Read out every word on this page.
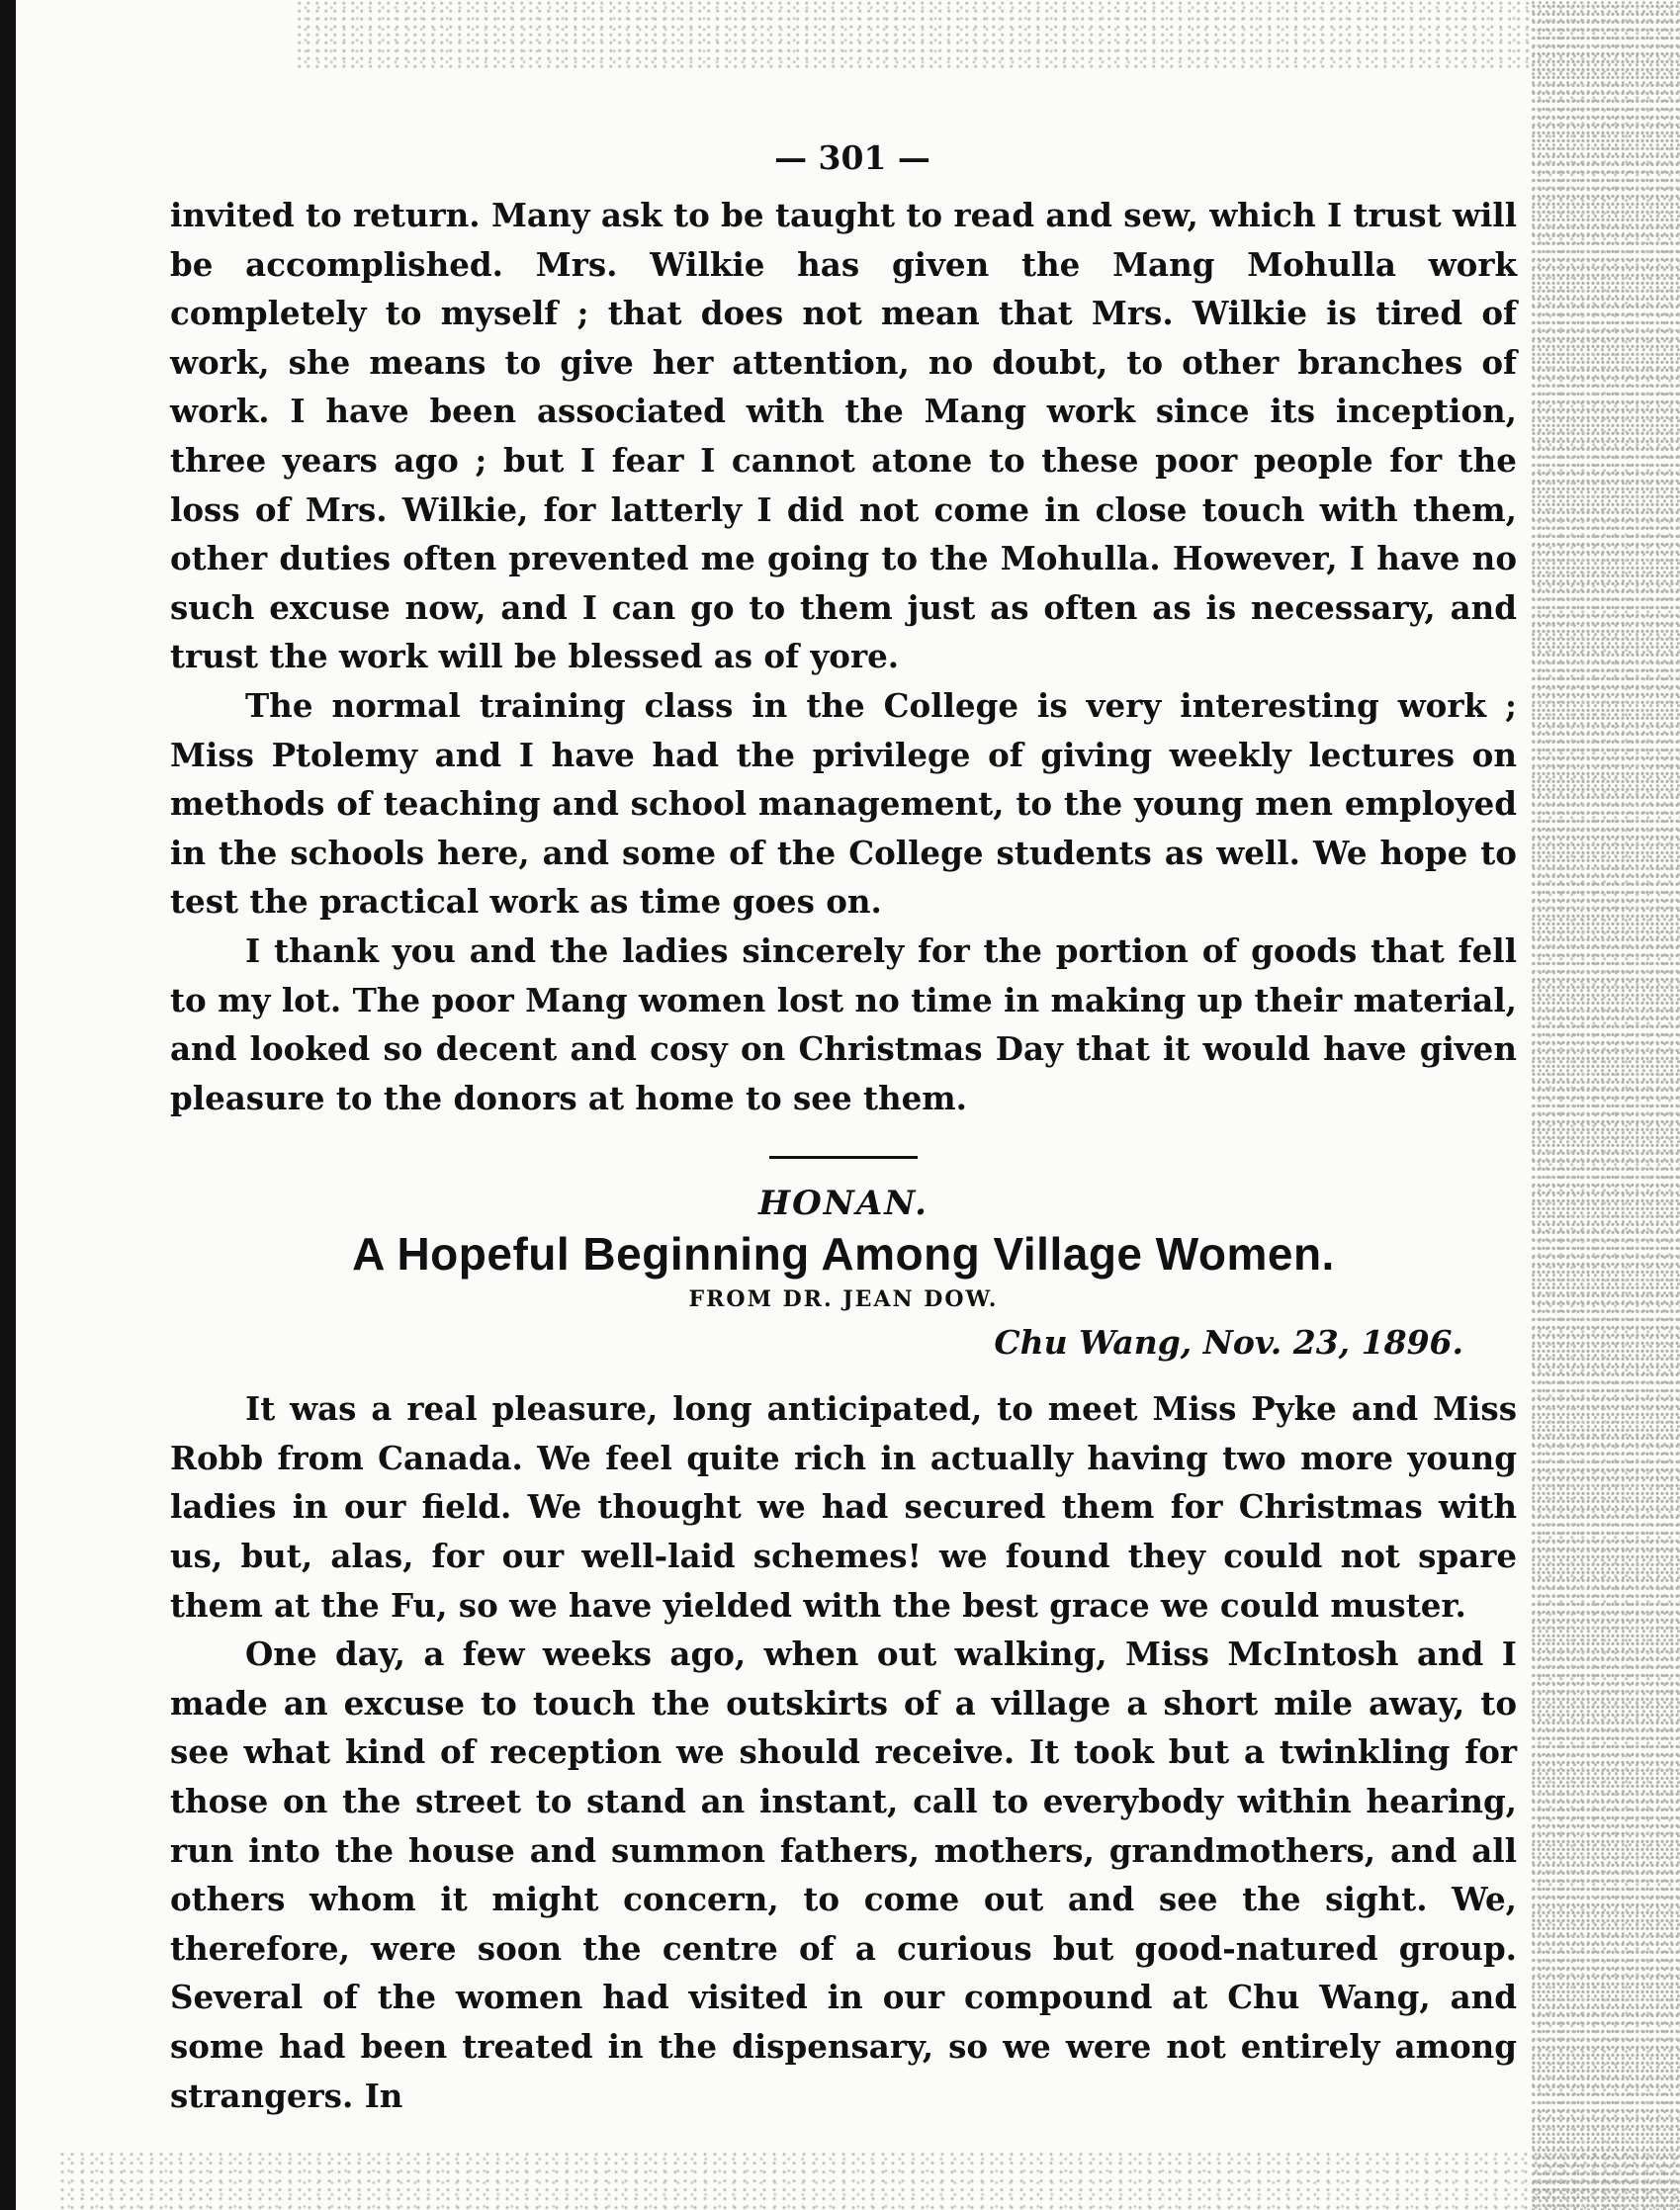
— 301 —

invited to return. Many ask to be taught to read and sew, which I trust will be accomplished. Mrs. Wilkie has given the Mang Mohulla work completely to myself ; that does not mean that Mrs. Wilkie is tired of work, she means to give her attention, no doubt, to other branches of work. I have been associated with the Mang work since its inception, three years ago ; but I fear I cannot atone to these poor people for the loss of Mrs. Wilkie, for latterly I did not come in close touch with them, other duties often prevented me going to the Mohulla. However, I have no such excuse now, and I can go to them just as often as is necessary, and trust the work will be blessed as of yore.

The normal training class in the College is very interesting work ; Miss Ptolemy and I have had the privilege of giving weekly lectures on methods of teaching and school management, to the young men employed in the schools here, and some of the College students as well. We hope to test the practical work as time goes on.

I thank you and the ladies sincerely for the portion of goods that fell to my lot. The poor Mang women lost no time in making up their material, and looked so decent and cosy on Christmas Day that it would have given pleasure to the donors at home to see them.

HONAN.
A Hopeful Beginning Among Village Women.
FROM DR. JEAN DOW.
Chu Wang, Nov. 23, 1896.

It was a real pleasure, long anticipated, to meet Miss Pyke and Miss Robb from Canada. We feel quite rich in actually having two more young ladies in our field. We thought we had secured them for Christmas with us, but, alas, for our well-laid schemes! we found they could not spare them at the Fu, so we have yielded with the best grace we could muster.

One day, a few weeks ago, when out walking, Miss McIntosh and I made an excuse to touch the outskirts of a village a short mile away, to see what kind of reception we should receive. It took but a twinkling for those on the street to stand an instant, call to everybody within hearing, run into the house and summon fathers, mothers, grandmothers, and all others whom it might concern, to come out and see the sight. We, therefore, were soon the centre of a curious but good-natured group. Several of the women had visited in our compound at Chu Wang, and some had been treated in the dispensary, so we were not entirely among strangers. In
